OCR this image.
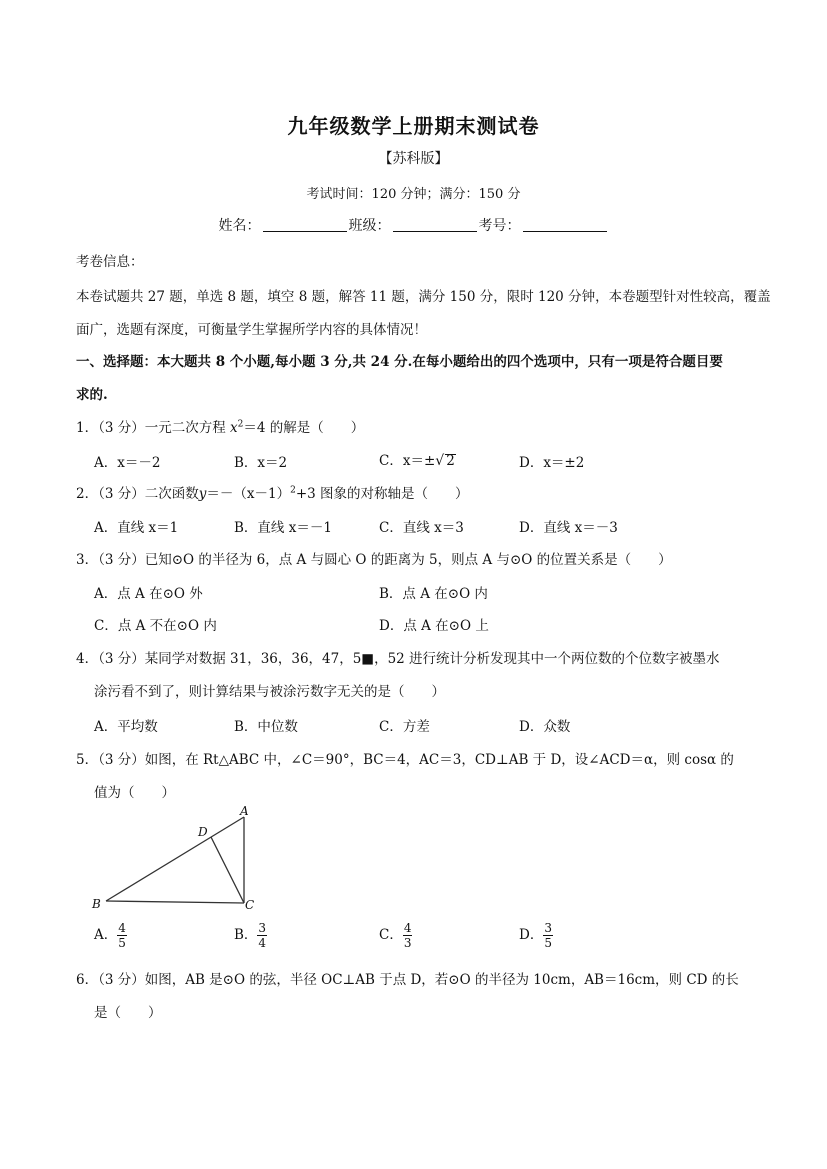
九年级数学上册期末测试卷
【苏科版】
考试时间：120 分钟；满分：150 分
姓名：	班级：	考号：
考卷信息：
本卷试题共 27 题，单选 8 题，填空 8 题，解答 11 题，满分 150 分，限时 120 分钟，本卷题型针对性较高，覆盖
面广，选题有深度，可衡量学生掌握所学内容的具体情况！
一、选择题：本大题共 8 个小题,每小题 3 分,共 24 分.在每小题给出的四个选项中，只有一项是符合题目要
求的.
1．（3 分）一元二次方程 $x^2=4$ 的解是（　　）
A．x＝－2	B．x＝2	C．x＝±√ 2	D．x＝±2
2．（3 分）二次函数$y=-(x-1)^2+3$ 图象的对称轴是（　　）
A．直线 x＝1	B．直线 x＝－1	C．直线 x＝3	D．直线 x＝－3
3．（3 分）已知⊙O 的半径为 6，点 A 与圆心 O 的距离为 5，则点 A 与⊙O 的位置关系是（　　）
A．点 A 在⊙O 外	B．点 A 在⊙O 内
C．点 A 不在⊙O 内	D．点 A 在⊙O 上
4．（3 分）某同学对数据 31，36，36，47，5■，52 进行统计分析发现其中一个两位数的个位数字被墨水
涂污看不到了，则计算结果与被涂污数字无关的是（　　）
A．平均数	B．中位数	C．方差	D．众数
5．（3 分）如图，在 Rt△ABC 中，∠C＝90°，BC＝4，AC＝3，CD⊥AB 于 D，设∠ACD＝α，则 cosα 的
值为（　　）
A
B	C
D
A． $\frac{4}{5}$	B． $\frac{3}{4}$	C． $\frac{4}{3}$	D． $\frac{3}{5}$
6．（3 分）如图，AB 是⊙O 的弦，半径 OC⊥AB 于点 D，若⊙O 的半径为 10cm，AB＝16cm，则 CD 的长
是（　　）
